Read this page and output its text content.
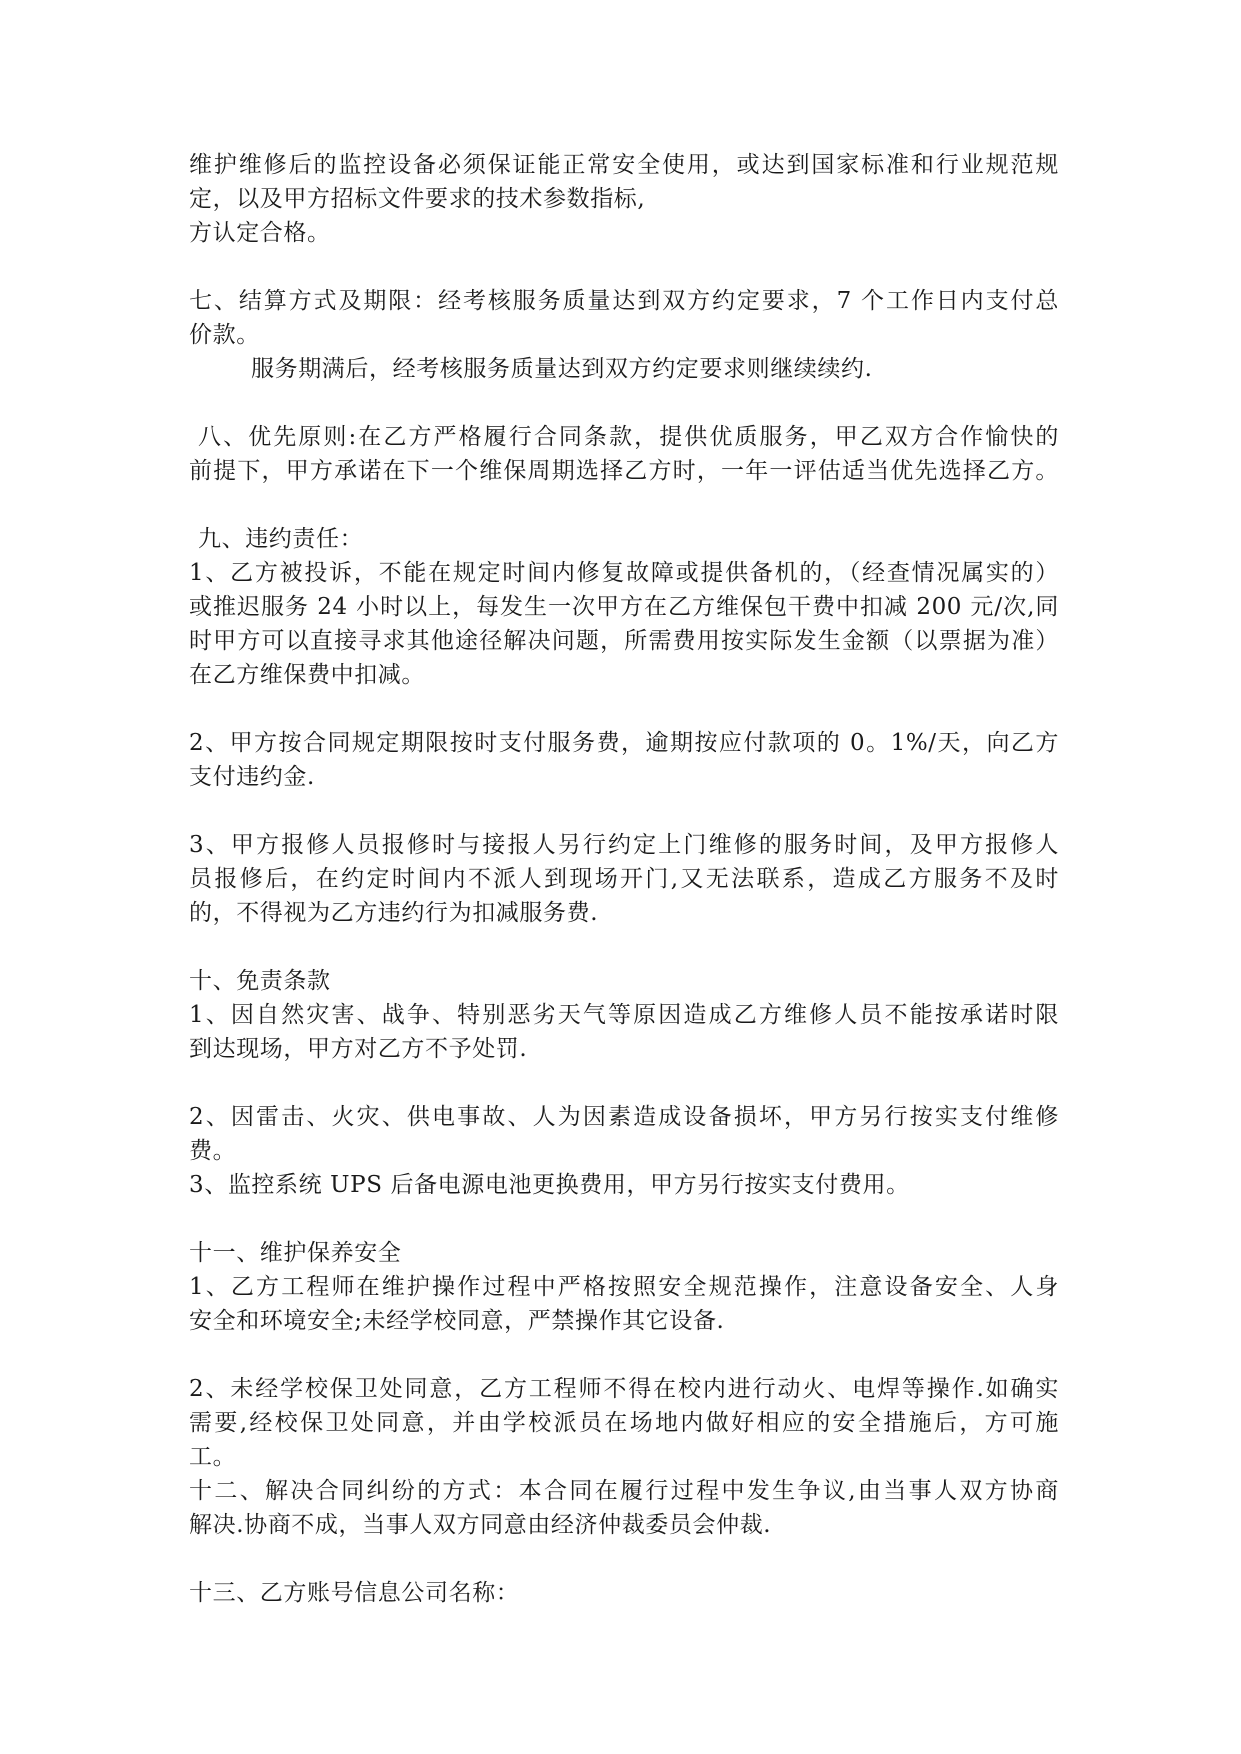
维护维修后的监控设备必须保证能正常安全使用，或达到国家标准和行业规范规
定，以及甲方招标文件要求的技术参数指标,
方认定合格。
七、结算方式及期限：经考核服务质量达到双方约定要求，7 个工作日内支付总
价款。
服务期满后，经考核服务质量达到双方约定要求则继续续约.
八、优先原则:在乙方严格履行合同条款，提供优质服务，甲乙双方合作愉快的
前提下，甲方承诺在下一个维保周期选择乙方时，一年一评估适当优先选择乙方。
九、违约责任：
1、乙方被投诉，不能在规定时间内修复故障或提供备机的，（经查情况属实的）
或推迟服务 24 小时以上，每发生一次甲方在乙方维保包干费中扣减 200 元/次,同
时甲方可以直接寻求其他途径解决问题，所需费用按实际发生金额（以票据为准）
在乙方维保费中扣减。
2、甲方按合同规定期限按时支付服务费，逾期按应付款项的 0。1%/天，向乙方
支付违约金.
3、甲方报修人员报修时与接报人另行约定上门维修的服务时间，及甲方报修人
员报修后，在约定时间内不派人到现场开门,又无法联系，造成乙方服务不及时
的，不得视为乙方违约行为扣减服务费.
十、免责条款
1、因自然灾害、战争、特别恶劣天气等原因造成乙方维修人员不能按承诺时限
到达现场，甲方对乙方不予处罚.
2、因雷击、火灾、供电事故、人为因素造成设备损坏，甲方另行按实支付维修
费。
3、监控系统 UPS 后备电源电池更换费用，甲方另行按实支付费用。
十一、维护保养安全
1、乙方工程师在维护操作过程中严格按照安全规范操作，注意设备安全、人身
安全和环境安全;未经学校同意，严禁操作其它设备.
2、未经学校保卫处同意，乙方工程师不得在校内进行动火、电焊等操作.如确实
需要,经校保卫处同意，并由学校派员在场地内做好相应的安全措施后，方可施
工。
十二、解决合同纠纷的方式：本合同在履行过程中发生争议,由当事人双方协商
解决.协商不成，当事人双方同意由经济仲裁委员会仲裁.
十三、乙方账号信息公司名称：
